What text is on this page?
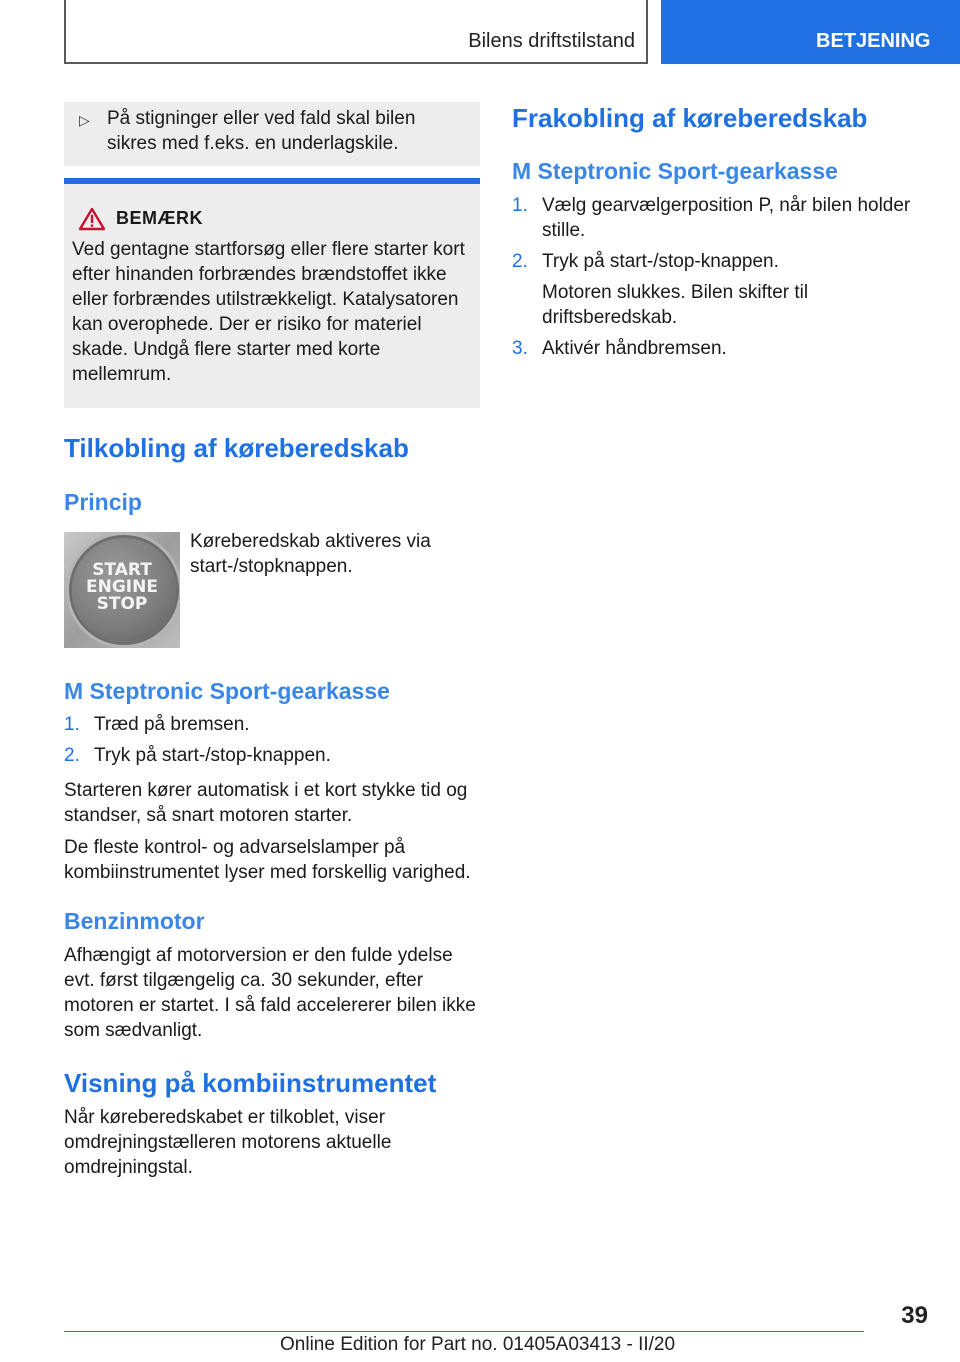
Bilens driftstilstand	BETJENING
▷ På stigninger eller ved fald skal bilen sikres med f.eks. en underlagskile.
BEMÆRK
Ved gentagne startforsøg eller flere starter kort efter hinanden forbrændes brændstoffet ikke eller forbrændes utilstrækkeligt. Katalysatoren kan overophede. Der er risiko for materiel skade. Undgå flere starter med korte mellemrum.
Tilkobling af køreberedskab
Princip
START
ENGINE
STOP
Køreberedskab aktiveres via start-/stopknappen.
M Steptronic Sport-gearkasse
1. Træd på bremsen.
2. Tryk på start-/stop-knappen.
Starteren kører automatisk i et kort stykke tid og standser, så snart motoren starter.
De fleste kontrol- og advarselslamper på kombiinstrumentet lyser med forskellig varighed.
Benzinmotor
Afhængigt af motorversion er den fulde ydelse evt. først tilgængelig ca. 30 sekunder, efter motoren er startet. I så fald accelererer bilen ikke som sædvanligt.
Visning på kombiinstrumentet
Når køreberedskabet er tilkoblet, viser omdrejningstælleren motorens aktuelle omdrejningstal.
Frakobling af køreberedskab
M Steptronic Sport-gearkasse
1. Vælg gearvælgerposition P, når bilen holder stille.
2. Tryk på start-/stop-knappen.
Motoren slukkes. Bilen skifter til driftsberedskab.
3. Aktivér håndbremsen.
39
Online Edition for Part no. 01405A03413 - II/20
